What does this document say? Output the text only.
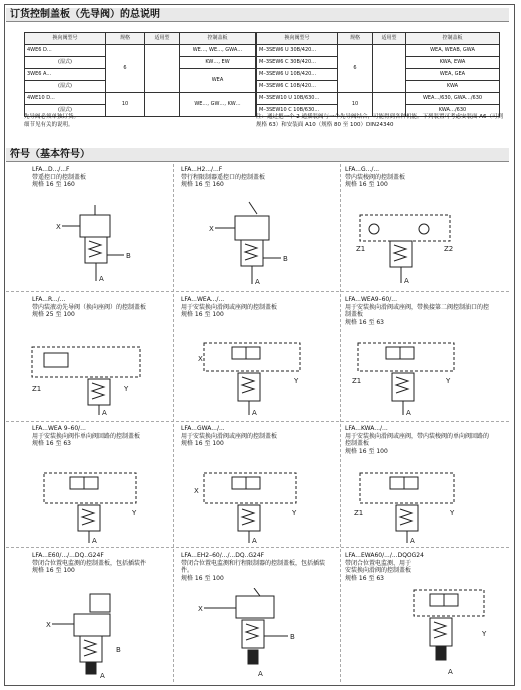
订货控制盖板（先导阀）的总说明
换向阀型号	规格	适用型	控制盖板
4WE6 D...	6		WE…, WE…, GWA…
(湿式)			KW…, EW
3WE6 A...			WEA
(湿式)			
4WE10 D...	10		WE…, GW…, KW…
(湿式)			
换向阀型号	规格	适用型	控制盖板
M–3SEW6 U 30B/420...	6		WEA, WEAB, GWA
M–3SEW6 C 30B/420...			KWA, EWA
M–3SEW6 U 10B/420...			WEA, GEA
M–3SEW6 C 10B/420...			KWA
M–3SEW10 U 10B/630...	10		WEA…/630, GWA…/630
M–3SEW10 C 10B/630...			KWA…/630
先导阀必须单独订货。
细节见有关的说明。
注：通过把一个 2 通插装阀与一个先导阀结合，可能得到各种机能。下列装置可考虑安装面 A6（可到规格 63）和安装面 A10（规格 80 至 100）DIN24340
符号（基本符号）

LFA...D.../...F

带遥控口的控制盖板

规格 16 至 160

LFA...H2.../...F

带行程限制器遥控口的控制盖板

规格 16 至 160

LFA...G.../...

带内装梭阀的控制盖板

规格 16 至 100

LFA...R.../...

带内装液动先导阀（换向座阀）的控制盖板

规格 25 至 100

LFA...WEA.../...

用于安装换向滑阀或座阀的控制盖板

规格 16 至 100

LFA...WEA9–60/...

用于安装换向滑阀或座阀，带换接第二阀控制油口的控制盖板

规格 16 至 63

LFA...WEA 9–60/...

用于安装换向阀作单向阀回路的控制盖板

规格 16 至 63

LFA...GWA.../...

用于安装换向滑阀或座阀的控制盖板

规格 16 至 100

LFA...KWA.../...

用于安装换向滑阀或座阀，带内装梭阀的单向阀回路的控制盖板

规格 16 至 100

LFA...E60/.../...DQ..G24F

带闭合位置电监测的控制盖板，包括插装件

规格 16 至 100

LFA...EH2–60/.../...DQ..G24F

带闭合位置电监测和行程限制器的控制盖板，包括插装件。

规格 16 至 100

LFA...EWA60/.../...DQOG24

带闭合位置电监测、用于安装换向滑阀的控制盖板

规格 16 至 63

X
B
A
X
B
A
Z1	Z2
A
Z1	Y
A
X
Y
A
Z1	Y
A
Y
A
X
Y
A
Z1	Y
A
X
A
B
X
B
A
Y
A
